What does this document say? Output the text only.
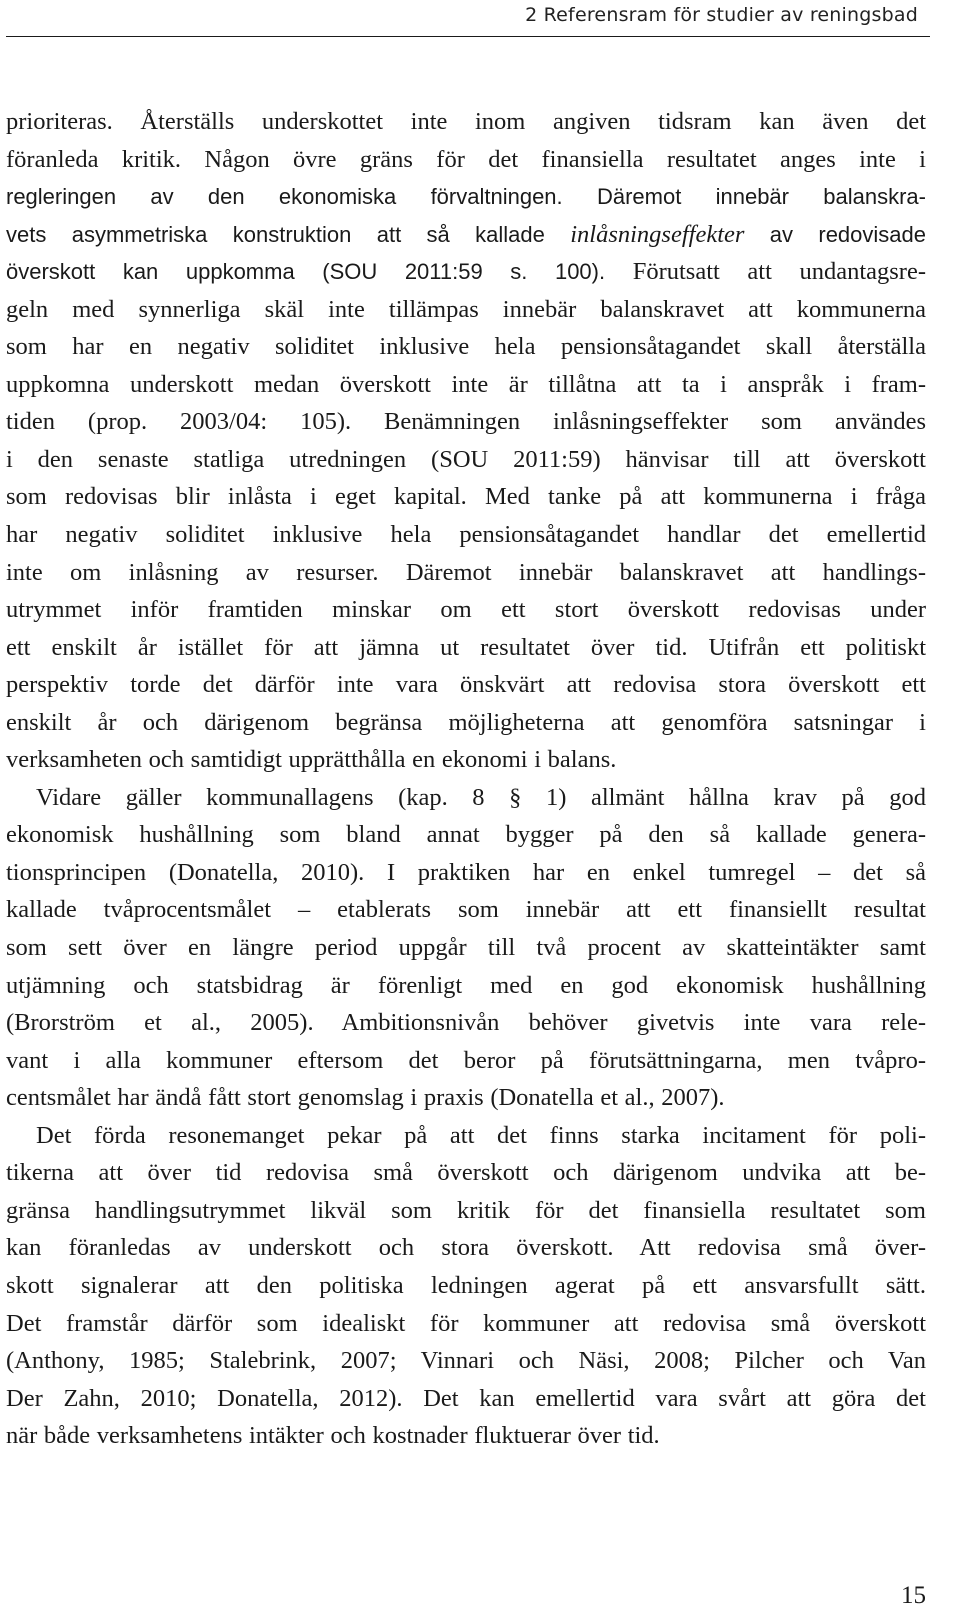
2 Referensram för studier av reningsbad
prioriteras. Återställs underskottet inte inom angiven tidsram kan även det
föranleda kritik. Någon övre gräns för det finansiella resultatet anges inte i
regleringen av den ekonomiska förvaltningen. Däremot innebär balanskra-
vets asymmetriska konstruktion att så kallade inlåsningseffekter av redovisade
överskott kan uppkomma (SOU 2011:59 s. 100). Förutsatt att undantagsre-
geln med synnerliga skäl inte tillämpas innebär balanskravet att kommunerna
som har en negativ soliditet inklusive hela pensionsåtagandet skall återställa
uppkomna underskott medan överskott inte är tillåtna att ta i anspråk i fram-
tiden (prop. 2003/04: 105). Benämningen inlåsningseffekter som användes
i den senaste statliga utredningen (SOU 2011:59) hänvisar till att överskott
som redovisas blir inlåsta i eget kapital. Med tanke på att kommunerna i fråga
har negativ soliditet inklusive hela pensionsåtagandet handlar det emellertid
inte om inlåsning av resurser. Däremot innebär balanskravet att handlings-
utrymmet inför framtiden minskar om ett stort överskott redovisas under
ett enskilt år istället för att jämna ut resultatet över tid. Utifrån ett politiskt
perspektiv torde det därför inte vara önskvärt att redovisa stora överskott ett
enskilt år och därigenom begränsa möjligheterna att genomföra satsningar i
verksamheten och samtidigt upprätthålla en ekonomi i balans.
Vidare gäller kommunallagens (kap. 8 § 1) allmänt hållna krav på god
ekonomisk hushållning som bland annat bygger på den så kallade genera-
tionsprincipen (Donatella, 2010). I praktiken har en enkel tumregel – det så
kallade tvåprocentsmålet – etablerats som innebär att ett finansiellt resultat
som sett över en längre period uppgår till två procent av skatteintäkter samt
utjämning och statsbidrag är förenligt med en god ekonomisk hushållning
(Brorström et al., 2005). Ambitionsnivån behöver givetvis inte vara rele-
vant i alla kommuner eftersom det beror på förutsättningarna, men tvåpro-
centsmålet har ändå fått stort genomslag i praxis (Donatella et al., 2007).
Det förda resonemanget pekar på att det finns starka incitament för poli-
tikerna att över tid redovisa små överskott och därigenom undvika att be-
gränsa handlingsutrymmet likväl som kritik för det finansiella resultatet som
kan föranledas av underskott och stora överskott. Att redovisa små över-
skott signalerar att den politiska ledningen agerat på ett ansvarsfullt sätt.
Det framstår därför som idealiskt för kommuner att redovisa små överskott
(Anthony, 1985; Stalebrink, 2007; Vinnari och Näsi, 2008; Pilcher och Van
Der Zahn, 2010; Donatella, 2012). Det kan emellertid vara svårt att göra det
när både verksamhetens intäkter och kostnader fluktuerar över tid.
15
